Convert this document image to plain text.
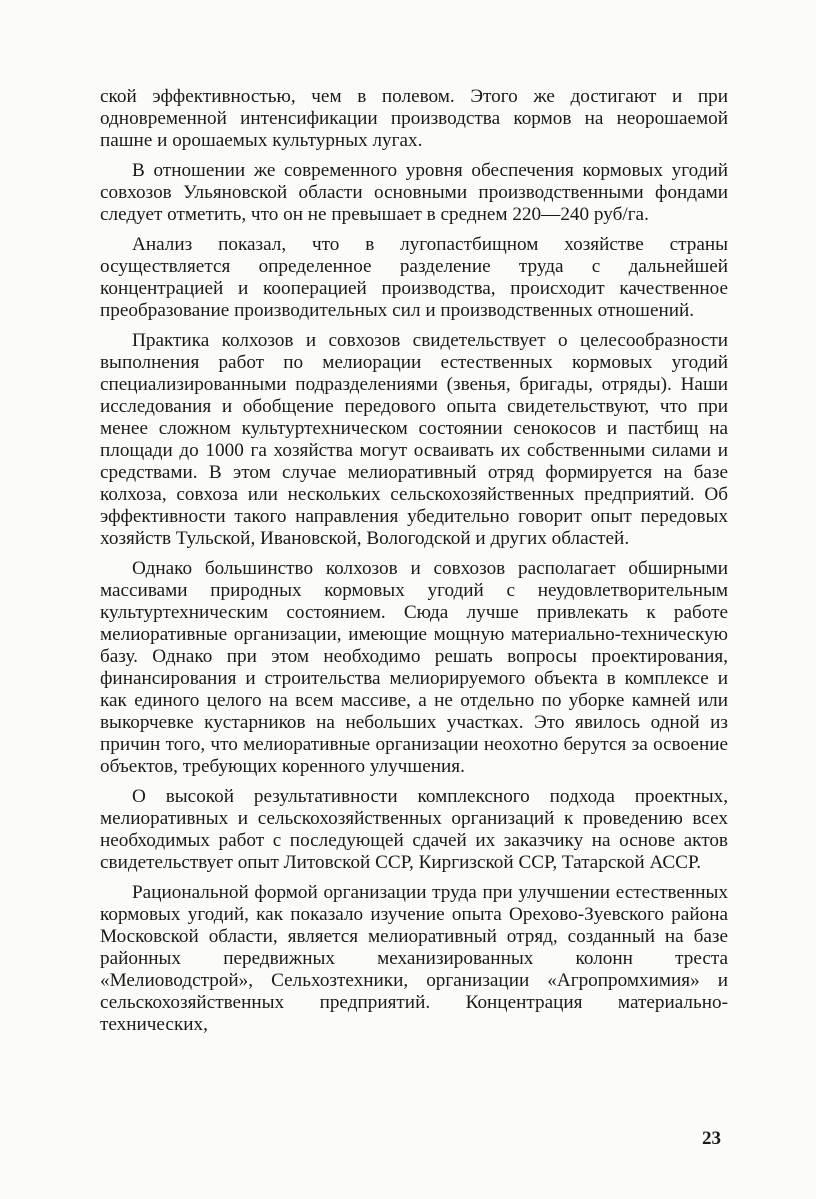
ской эффективностью, чем в полевом. Этого же достигают и при одновременной интенсификации производства кормов на неорошаемой пашне и орошаемых культурных лугах.

В отношении же современного уровня обеспечения кормовых угодий совхозов Ульяновской области основными производственными фондами следует отметить, что он не превышает в среднем 220—240 руб/га.

Анализ показал, что в лугопастбищном хозяйстве страны осуществляется определенное разделение труда с дальнейшей концентрацией и кооперацией производства, происходит качественное преобразование производительных сил и производственных отношений.

Практика колхозов и совхозов свидетельствует о целесообразности выполнения работ по мелиорации естественных кормовых угодий специализированными подразделениями (звенья, бригады, отряды). Наши исследования и обобщение передового опыта свидетельствуют, что при менее сложном культуртехническом состоянии сенокосов и пастбищ на площади до 1000 га хозяйства могут осваивать их собственными силами и средствами. В этом случае мелиоративный отряд формируется на базе колхоза, совхоза или нескольких сельскохозяйственных предприятий. Об эффективности такого направления убедительно говорит опыт передовых хозяйств Тульской, Ивановской, Вологодской и других областей.

Однако большинство колхозов и совхозов располагает обширными массивами природных кормовых угодий с неудовлетворительным культуртехническим состоянием. Сюда лучше привлекать к работе мелиоративные организации, имеющие мощную материально-техническую базу. Однако при этом необходимо решать вопросы проектирования, финансирования и строительства мелиорируемого объекта в комплексе и как единого целого на всем массиве, а не отдельно по уборке камней или выкорчевке кустарников на небольших участках. Это явилось одной из причин того, что мелиоративные организации неохотно берутся за освоение объектов, требующих коренного улучшения.

О высокой результативности комплексного подхода проектных, мелиоративных и сельскохозяйственных организаций к проведению всех необходимых работ с последующей сдачей их заказчику на основе актов свидетельствует опыт Литовской ССР, Киргизской ССР, Татарской АССР.

Рациональной формой организации труда при улучшении естественных кормовых угодий, как показало изучение опыта Орехово-Зуевского района Московской области, является мелиоративный отряд, созданный на базе районных передвижных механизированных колонн треста «Мелиоводстрой», Сельхозтехники, организации «Агропромхимия» и сельскохозяйственных предприятий. Концентрация материально-технических,

23
